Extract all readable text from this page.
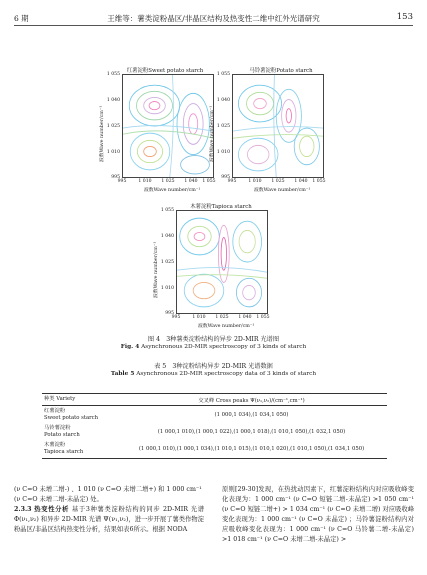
6 期	王维等：薯类淀粉晶区/非晶区结构及热变性二维中红外光谱研究	153
红薯淀粉Sweet potato starch
1 055
1 040
1 025
1 010
995
995	1 010	1 025	1 040	1 055
波数Wave number/cm⁻¹
波数Wave number/cm⁻¹
马铃薯淀粉Potato starch
1 055
1 040
1 025
1 010
995
995	1 010	1 025	1 040	1 055
波数Wave number/cm⁻¹
波数Wave number/cm⁻¹
木薯淀粉Tapioca starch
1 055
1 040
1 025
1 010
995
995	1 010	1 025	1 040	1 055
波数Wave number/cm⁻¹
波数Wave number/cm⁻¹
图 4　3种薯类淀粉结构的异步 2D-MIR 光谱图
Fig. 4 Asynchronous 2D-MIR spectroscopy of 3 kinds of starch
表 5　3种淀粉结构异步 2D-MIR 光谱数据
Table 5 Asynchronous 2D-MIR spectroscopy data of 3 kinds of starch
种类 Variety	交叉峰 Cross peaks Ψ(ν₁,ν₂)/(cm⁻¹,cm⁻¹)

红薯淀粉
Sweet potato starch	(1 000,1 034),(1 034,1 050)

马铃薯淀粉
Potato starch	(1 000,1 010),(1 000,1 022),(1 000,1 018),(1 010,1 050),(1 032,1 050)

木薯淀粉
Tapioca starch	(1 000,1 010),(1 000,1 034),(1 010,1 015),(1 010,1 020),(1 010,1 050),(1 034,1 050)

(ν C=O 未增二增-) 、1 010 (ν C=O 未增二增+) 和 1 000 cm⁻¹

(ν C=O 未增二增-未晶定) 处。

2.3.3 热变性分析 基于3种薯类淀粉结构的同步 2D-MIR 光谱 Φ(ν₁,ν₂) 和异步 2D-MIR 光谱 Ψ(ν₁,ν₂)，进一步开展了薯类作物淀粉晶区/非晶区结构热变性分析，结果如表6所示。根据 NODA

原则[29-30]发现，在热扰动因素下，红薯淀粉结构内对应吸收峰变化表现为：1 000 cm⁻¹ (ν C=O 短链二增-未晶定) >1 050 cm⁻¹ (ν C=O 短链二增+) > 1 034 cm⁻¹ (ν C=O 未增二增) 对应吸收峰变化表现为：1 000 cm⁻¹ (ν C=O 未晶定) ；马铃薯淀粉结构内对应吸收峰变化表现为：1 000 cm⁻¹ (ν C=O 马铃薯二增-未晶定) >1 018 cm⁻¹ (ν C=O 未增二增-未晶定) >
